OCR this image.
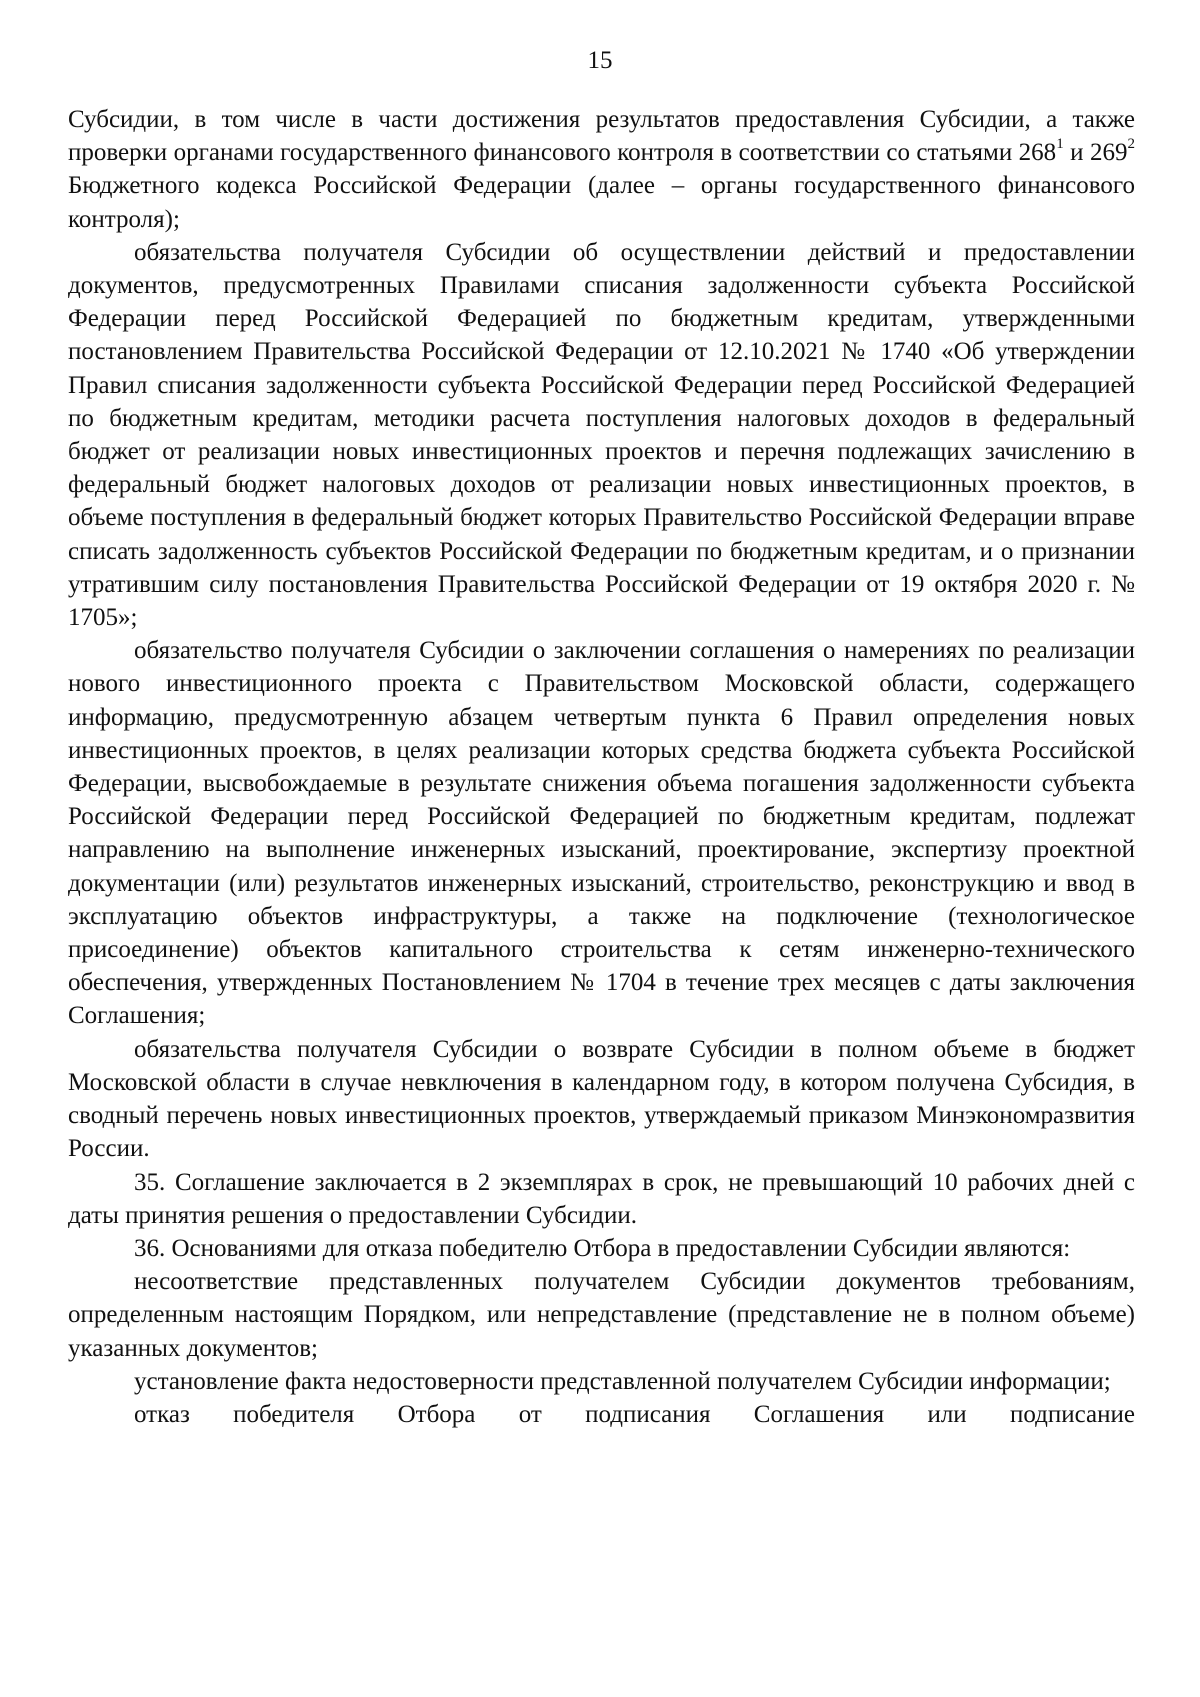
15

Субсидии, в том числе в части достижения результатов предоставления Субсидии, а также проверки органами государственного финансового контроля в соответствии со статьями $268^1$ и $269^2$ Бюджетного кодекса Российской Федерации (далее – органы государственного финансового контроля);

обязательства получателя Субсидии об осуществлении действий и предоставлении документов, предусмотренных Правилами списания задолженности субъекта Российской Федерации перед Российской Федерацией по бюджетным кредитам, утвержденными постановлением Правительства Российской Федерации от 12.10.2021 № 1740 «Об утверждении Правил списания задолженности субъекта Российской Федерации перед Российской Федерацией по бюджетным кредитам, методики расчета поступления налоговых доходов в федеральный бюджет от реализации новых инвестиционных проектов и перечня подлежащих зачислению в федеральный бюджет налоговых доходов от реализации новых инвестиционных проектов, в объеме поступления в федеральный бюджет которых Правительство Российской Федерации вправе списать задолженность субъектов Российской Федерации по бюджетным кредитам, и о признании утратившим силу постановления Правительства Российской Федерации от 19 октября 2020 г. № 1705»;

обязательство получателя Субсидии о заключении соглашения о намерениях по реализации нового инвестиционного проекта с Правительством Московской области, содержащего информацию, предусмотренную абзацем четвертым пункта 6 Правил определения новых инвестиционных проектов, в целях реализации которых средства бюджета субъекта Российской Федерации, высвобождаемые в результате снижения объема погашения задолженности субъекта Российской Федерации перед Российской Федерацией по бюджетным кредитам, подлежат направлению на выполнение инженерных изысканий, проектирование, экспертизу проектной документации (или) результатов инженерных изысканий, строительство, реконструкцию и ввод в эксплуатацию объектов инфраструктуры, а также на подключение (технологическое присоединение) объектов капитального строительства к сетям инженерно-технического обеспечения, утвержденных Постановлением № 1704 в течение трех месяцев с даты заключения Соглашения;

обязательства получателя Субсидии о возврате Субсидии в полном объеме в бюджет Московской области в случае невключения в календарном году, в котором получена Субсидия, в сводный перечень новых инвестиционных проектов, утверждаемый приказом Минэкономразвития России.

35. Соглашение заключается в 2 экземплярах в срок, не превышающий 10 рабочих дней с даты принятия решения о предоставлении Субсидии.

36. Основаниями для отказа победителю Отбора в предоставлении Субсидии являются:

несоответствие представленных получателем Субсидии документов требованиям, определенным настоящим Порядком, или непредставление (представление не в полном объеме) указанных документов;

установление факта недостоверности представленной получателем Субсидии информации;

отказ победителя Отбора от подписания Соглашения или подписание
